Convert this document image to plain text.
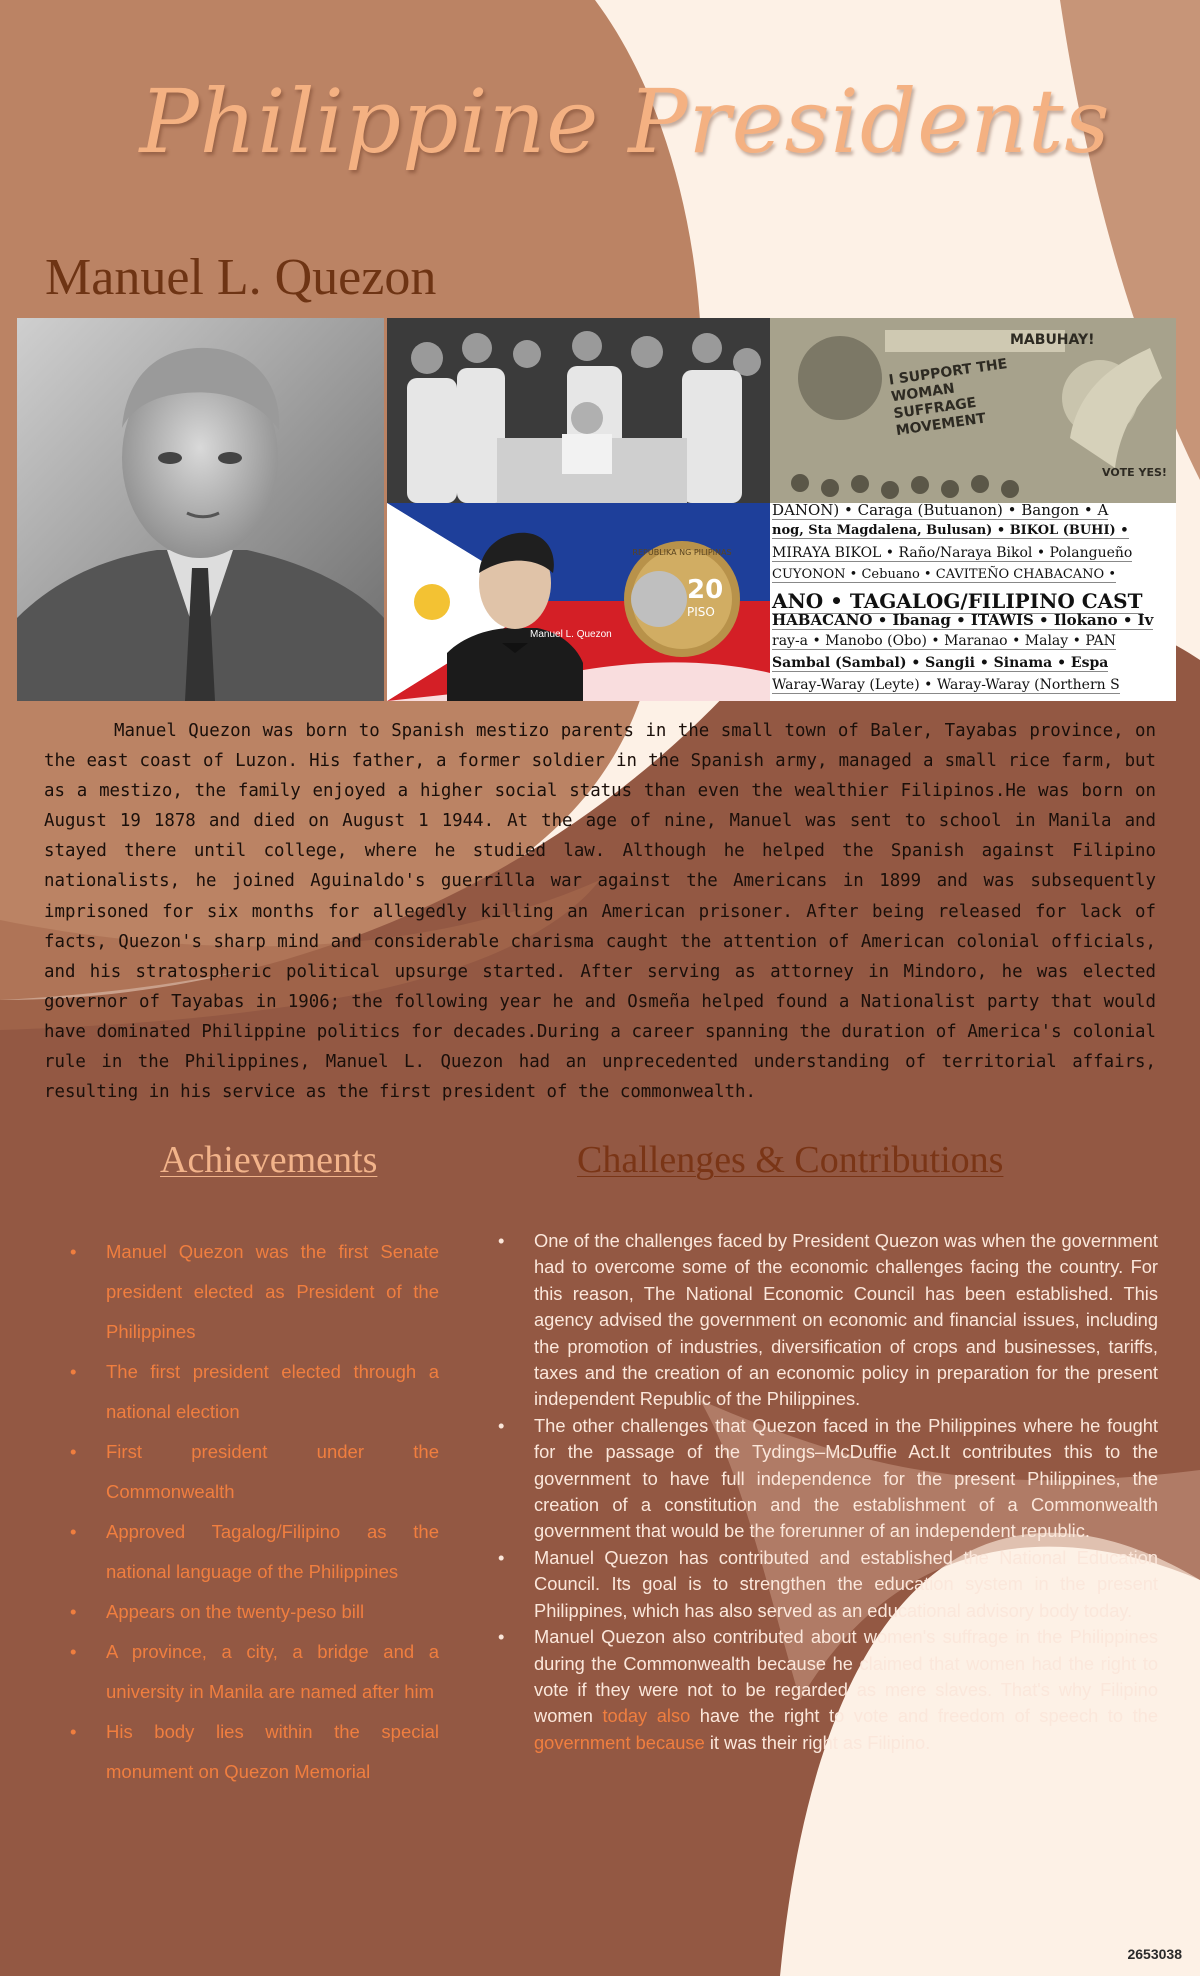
Philippine Presidents
Manuel L. Quezon
MABUHAY!
I SUPPORT THE WOMAN SUFFRAGE MOVEMENT
VOTE YES!
REPUBLIKA NG PILIPINAS
20
PISO
Manuel L. Quezon
DANON) • Caraga (Butuanon) • Bangon • A
nog, Sta Magdalena, Bulusan) • BIKOL (BUHI) •
MIRAYA BIKOL • Raño/Naraya Bikol • Polangueño
CUYONON • Cebuano • CAVITEÑO CHABACANO •
ANO • TAGALOG/FILIPINO CAST
HABACANO • Ibanag • ITAWIS • Ilokano • Iv
ray-a • Manobo (Obo) • Maranao • Malay • PAN
Sambal (Sambal) • Sangii • Sinama • Espa
Waray-Waray (Leyte) • Waray-Waray (Northern S

Manuel Quezon was born to Spanish mestizo parents in the small town of Baler, Tayabas province, on the east coast of Luzon. His father, a former soldier in the Spanish army, managed a small rice farm, but as a mestizo, the family enjoyed a higher social status than even the wealthier Filipinos.He was born on August 19 1878 and died on August 1 1944. At the age of nine, Manuel was sent to school in Manila and stayed there until college, where he studied law. Although he helped the Spanish against Filipino nationalists, he joined Aguinaldo's guerrilla war against the Americans in 1899 and was subsequently imprisoned for six months for allegedly killing an American prisoner. After being released for lack of facts, Quezon's sharp mind and considerable charisma caught the attention of American colonial officials, and his stratospheric political upsurge started. After serving as attorney in Mindoro, he was elected governor of Tayabas in 1906; the following year he and Osmeña helped found a Nationalist party that would have dominated Philippine politics for decades.During a career spanning the duration of America's colonial rule in the Philippines, Manuel L. Quezon had an unprecedented understanding of territorial affairs, resulting in his service as the first president of the commonwealth.

Achievements	Challenges & Contributions
• Manuel Quezon was the first Senate president elected as President of the Philippines
• The first president elected through a national election
• First president under the Commonwealth
• Approved Tagalog/Filipino as the national language of the Philippines
• Appears on the twenty-peso bill
• A province, a city, a bridge and a university in Manila are named after him
• His body lies within the special monument on Quezon Memorial
• One of the challenges faced by President Quezon was when the government had to overcome some of the economic challenges facing the country. For this reason, The National Economic Council has been established. This agency advised the government on economic and financial issues, including the promotion of industries, diversification of crops and businesses, tariffs, taxes and the creation of an economic policy in preparation for the present independent Republic of the Philippines.
• The other challenges that Quezon faced in the Philippines where he fought for the passage of the Tydings–McDuffie Act.It contributes this to the government to have full independence for the present Philippines, the creation of a constitution and the establishment of a Commonwealth government that would be the forerunner of an independent republic.
• Manuel Quezon has contributed and established the National Education Council. Its goal is to strengthen the education system in the present Philippines, which has also served as an educational advisory body today.
• Manuel Quezon also contributed about women's suffrage in the Philippines during the Commonwealth because he claimed that women had the right to vote if they were not to be regarded as mere slaves. That's why Filipino women today also have the right to vote and freedom of speech to the government because it was their right as Filipino.
2653038
